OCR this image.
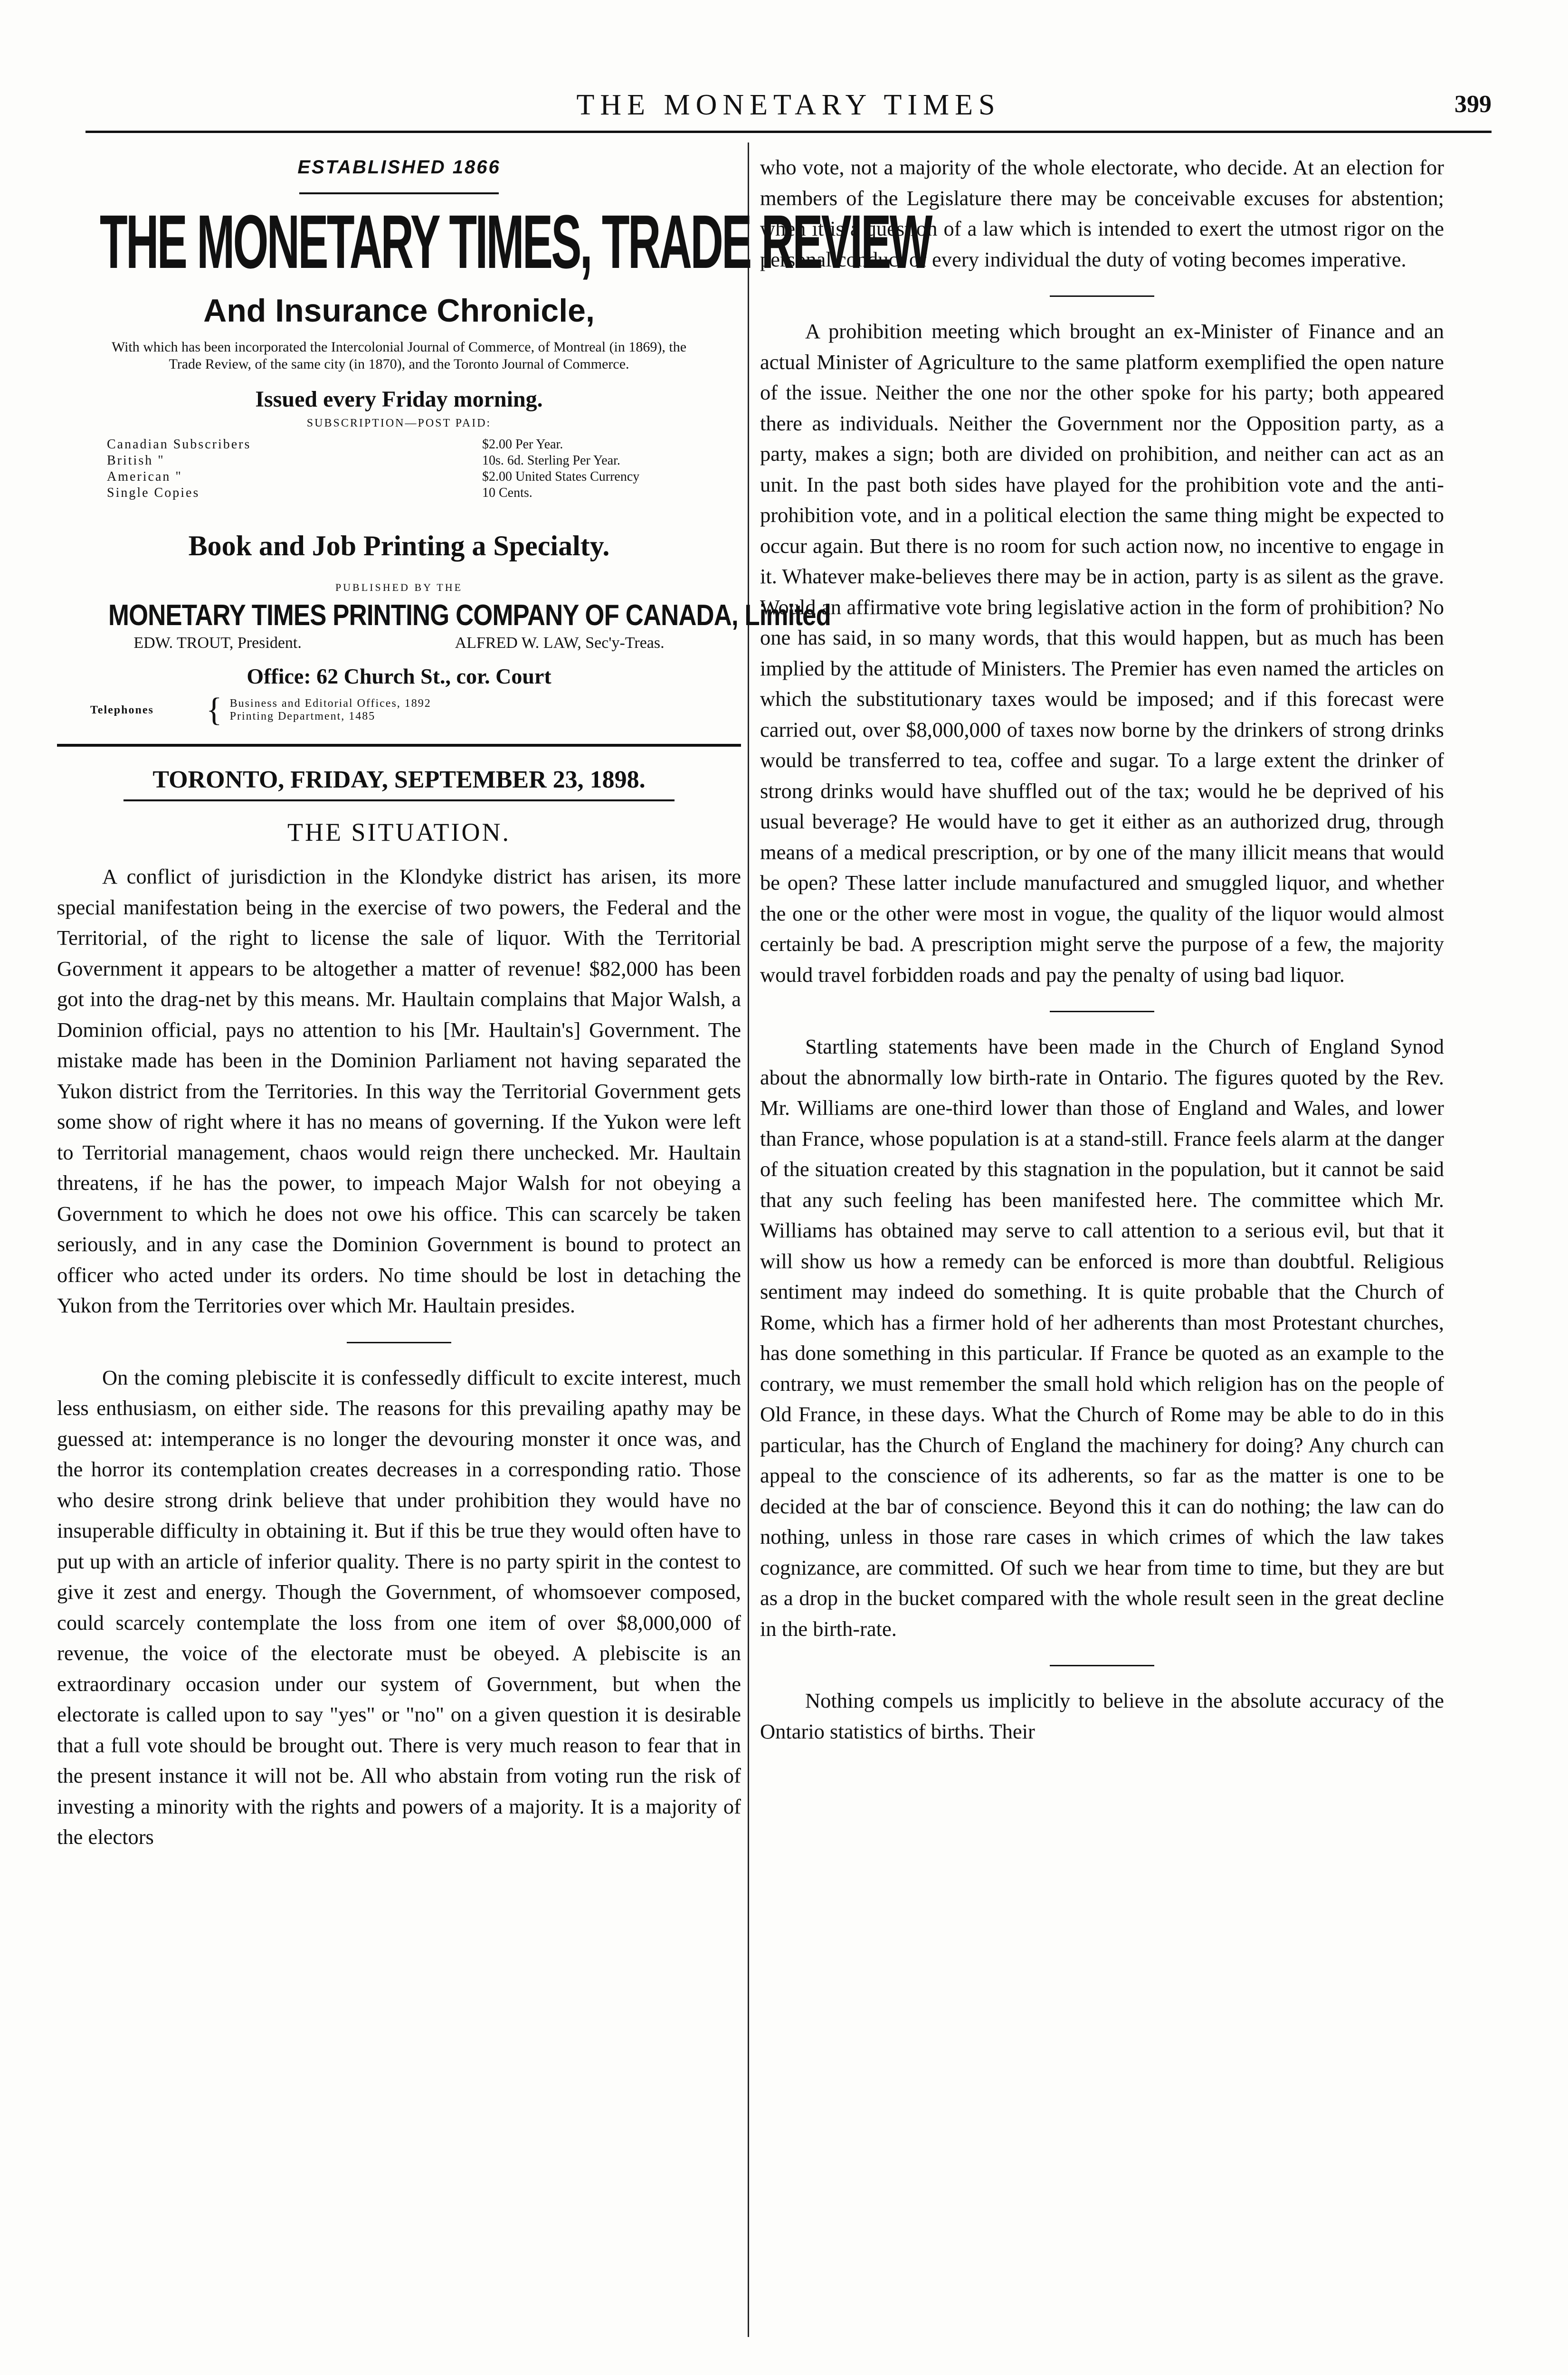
THE MONETARY TIMES	399
ESTABLISHED 1866
THE MONETARY TIMES, TRADE REVIEW
And Insurance Chronicle,
With which has been incorporated the Intercolonial Journal of Commerce, of Montreal (in 1869), the Trade Review, of the same city (in 1870), and the Toronto Journal of Commerce.
Issued every Friday morning.
SUBSCRIPTION—POST PAID:
Canadian Subscribers	$2.00 Per Year.
British "	10s. 6d. Sterling Per Year.
American "	$2.00 United States Currency
Single Copies	10 Cents.
Book and Job Printing a Specialty.
PUBLISHED BY THE
MONETARY TIMES PRINTING COMPANY OF CANADA, Limited
EDW. TROUT, President.	ALFRED W. LAW, Sec'y-Treas.
Office: 62 Church St., cor. Court
Telephones	{ Business and Editorial Offices, 1892
Printing Department, 1485
TORONTO, FRIDAY, SEPTEMBER 23, 1898.
THE SITUATION.

A conflict of jurisdiction in the Klondyke district has arisen, its more special manifestation being in the exercise of two powers, the Federal and the Territorial, of the right to license the sale of liquor. With the Territorial Government it appears to be altogether a matter of revenue! $82,000 has been got into the drag-net by this means. Mr. Haultain complains that Major Walsh, a Dominion official, pays no attention to his [Mr. Haultain's] Government. The mistake made has been in the Dominion Parliament not having separated the Yukon district from the Territories. In this way the Territorial Government gets some show of right where it has no means of governing. If the Yukon were left to Territorial management, chaos would reign there unchecked. Mr. Haultain threatens, if he has the power, to impeach Major Walsh for not obeying a Government to which he does not owe his office. This can scarcely be taken seriously, and in any case the Dominion Government is bound to protect an officer who acted under its orders. No time should be lost in detaching the Yukon from the Territories over which Mr. Haultain presides.

On the coming plebiscite it is confessedly difficult to excite interest, much less enthusiasm, on either side. The reasons for this prevailing apathy may be guessed at: intemperance is no longer the devouring monster it once was, and the horror its contemplation creates decreases in a corresponding ratio. Those who desire strong drink believe that under prohibition they would have no insuperable difficulty in obtaining it. But if this be true they would often have to put up with an article of inferior quality. There is no party spirit in the contest to give it zest and energy. Though the Government, of whomsoever composed, could scarcely contemplate the loss from one item of over $8,000,000 of revenue, the voice of the electorate must be obeyed. A plebiscite is an extraordinary occasion under our system of Government, but when the electorate is called upon to say "yes" or "no" on a given question it is desirable that a full vote should be brought out. There is very much reason to fear that in the present instance it will not be. All who abstain from voting run the risk of investing a minority with the rights and powers of a majority. It is a majority of the electors

who vote, not a majority of the whole electorate, who decide. At an election for members of the Legislature there may be conceivable excuses for abstention; when it is a question of a law which is intended to exert the utmost rigor on the personal conduct of every individual the duty of voting becomes imperative.

A prohibition meeting which brought an ex-Minister of Finance and an actual Minister of Agriculture to the same platform exemplified the open nature of the issue. Neither the one nor the other spoke for his party; both appeared there as individuals. Neither the Government nor the Opposition party, as a party, makes a sign; both are divided on prohibition, and neither can act as an unit. In the past both sides have played for the prohibition vote and the anti-prohibition vote, and in a political election the same thing might be expected to occur again. But there is no room for such action now, no incentive to engage in it. Whatever make-believes there may be in action, party is as silent as the grave. Would an affirmative vote bring legislative action in the form of prohibition? No one has said, in so many words, that this would happen, but as much has been implied by the attitude of Ministers. The Premier has even named the articles on which the substitutionary taxes would be imposed; and if this forecast were carried out, over $8,000,000 of taxes now borne by the drinkers of strong drinks would be transferred to tea, coffee and sugar. To a large extent the drinker of strong drinks would have shuffled out of the tax; would he be deprived of his usual beverage? He would have to get it either as an authorized drug, through means of a medical prescription, or by one of the many illicit means that would be open? These latter include manufactured and smuggled liquor, and whether the one or the other were most in vogue, the quality of the liquor would almost certainly be bad. A prescription might serve the purpose of a few, the majority would travel forbidden roads and pay the penalty of using bad liquor.

Startling statements have been made in the Church of England Synod about the abnormally low birth-rate in Ontario. The figures quoted by the Rev. Mr. Williams are one-third lower than those of England and Wales, and lower than France, whose population is at a stand-still. France feels alarm at the danger of the situation created by this stagnation in the population, but it cannot be said that any such feeling has been manifested here. The committee which Mr. Williams has obtained may serve to call attention to a serious evil, but that it will show us how a remedy can be enforced is more than doubtful. Religious sentiment may indeed do something. It is quite probable that the Church of Rome, which has a firmer hold of her adherents than most Protestant churches, has done something in this particular. If France be quoted as an example to the contrary, we must remember the small hold which religion has on the people of Old France, in these days. What the Church of Rome may be able to do in this particular, has the Church of England the machinery for doing? Any church can appeal to the conscience of its adherents, so far as the matter is one to be decided at the bar of conscience. Beyond this it can do nothing; the law can do nothing, unless in those rare cases in which crimes of which the law takes cognizance, are committed. Of such we hear from time to time, but they are but as a drop in the bucket compared with the whole result seen in the great decline in the birth-rate.

Nothing compels us implicitly to believe in the absolute accuracy of the Ontario statistics of births. Their
